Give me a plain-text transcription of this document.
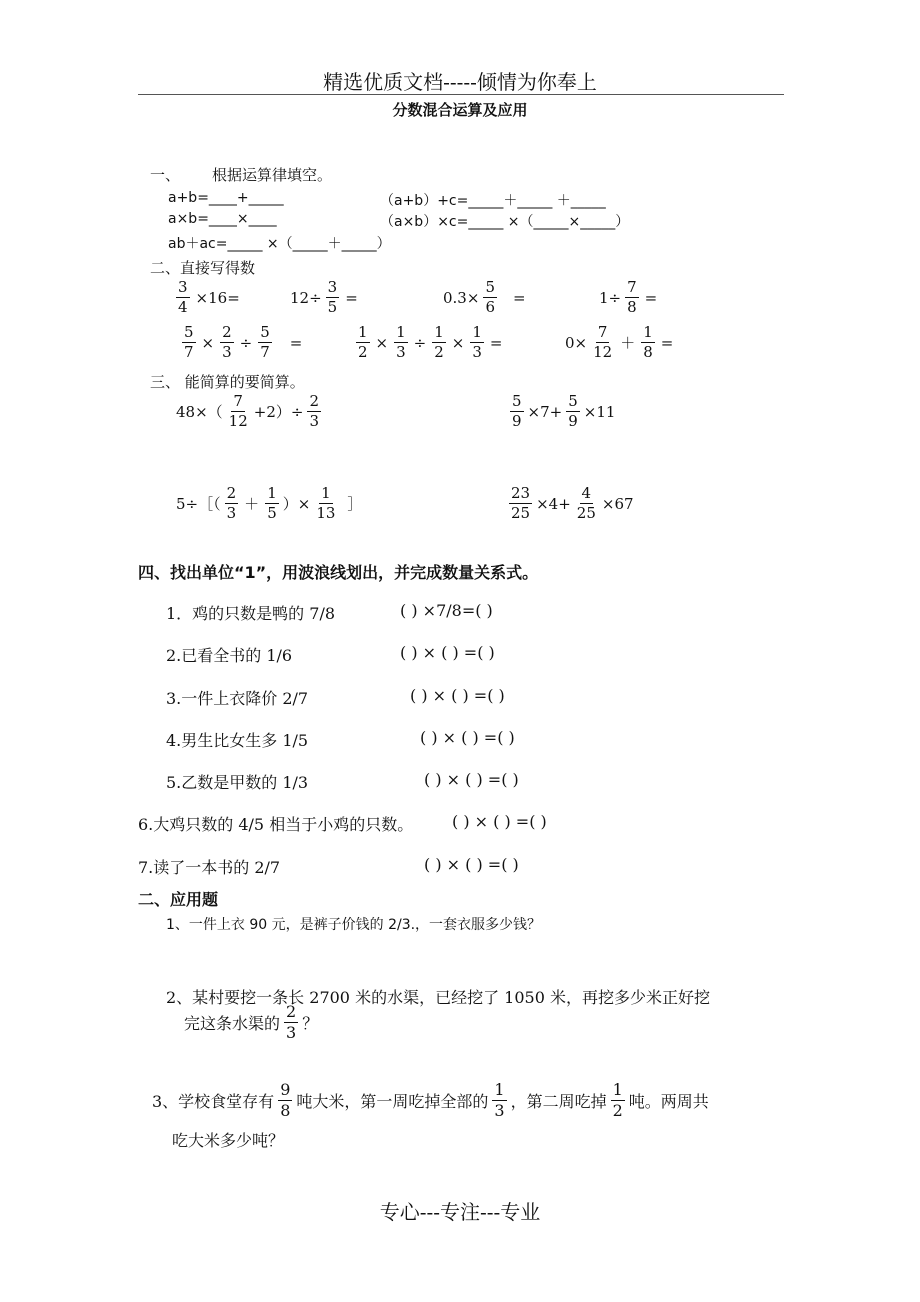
精选优质文档-----倾情为你奉上
分数混合运算及应用
一、 根据运算律填空。
a+b=____+_____	（a+b）+c=_____＋_____ ＋_____
a×b=____×____	（a×b）×c=_____ ×（_____×_____）
ab＋ac=_____ ×（_____＋_____）
二、直接写得数
$\frac{3}{4} \times 16=$	$12\div \frac{3}{5}$ =	$0.3\times \frac{5}{6}$ =	$1\div \frac{7}{8}$ =
$\frac{5}{7} \times \frac{2}{3} \div \frac{5}{7}$ =	$\frac{1}{2} \times \frac{1}{3} \div \frac{1}{2} \times \frac{1}{3}$ =	$0\times \frac{7}{12} + \frac{1}{8}$ =
三、 能简算的要简算。
$48\times( \frac{7}{12} +2)\div \frac{2}{3}$	$\frac{5}{9} \times 7+ \frac{5}{9} \times 11$
5÷［（ $\frac{2}{3} + \frac{1}{5}$ ）× $\frac{1}{13}$ ］	$\frac{23}{25} \times 4+ \frac{4}{25} \times 67$
四、找出单位“1”，用波浪线划出，并完成数量关系式。
1．鸡的只数是鸭的 7/8	( ) ×7/8=( )
2.已看全书的 1/6	( ) × ( ) =( )
3.一件上衣降价 2/7	( ) × ( ) =( )
4.男生比女生多 1/5	( ) × ( ) =( )
5.乙数是甲数的 1/3	( ) × ( ) =( )
6.大鸡只数的 4/5 相当于小鸡的只数。 ( ) × ( ) =( )
7.读了一本书的 2/7	( ) × ( ) =( )
二、应用题
1、一件上衣 90 元，是裤子价钱的 2/3.，一套衣服多少钱？
2、某村要挖一条长 2700 米的水渠，已经挖了 1050 米，再挖多少米正好挖
完这条水渠的 $\frac{2}{3}$ ？
3、学校食堂存有 $\frac{9}{8}$ 吨大米，第一周吃掉全部的 $\frac{1}{3}$ ，第二周吃掉 $\frac{1}{2}$ 吨。两周共
吃大米多少吨？
专心---专注---专业
